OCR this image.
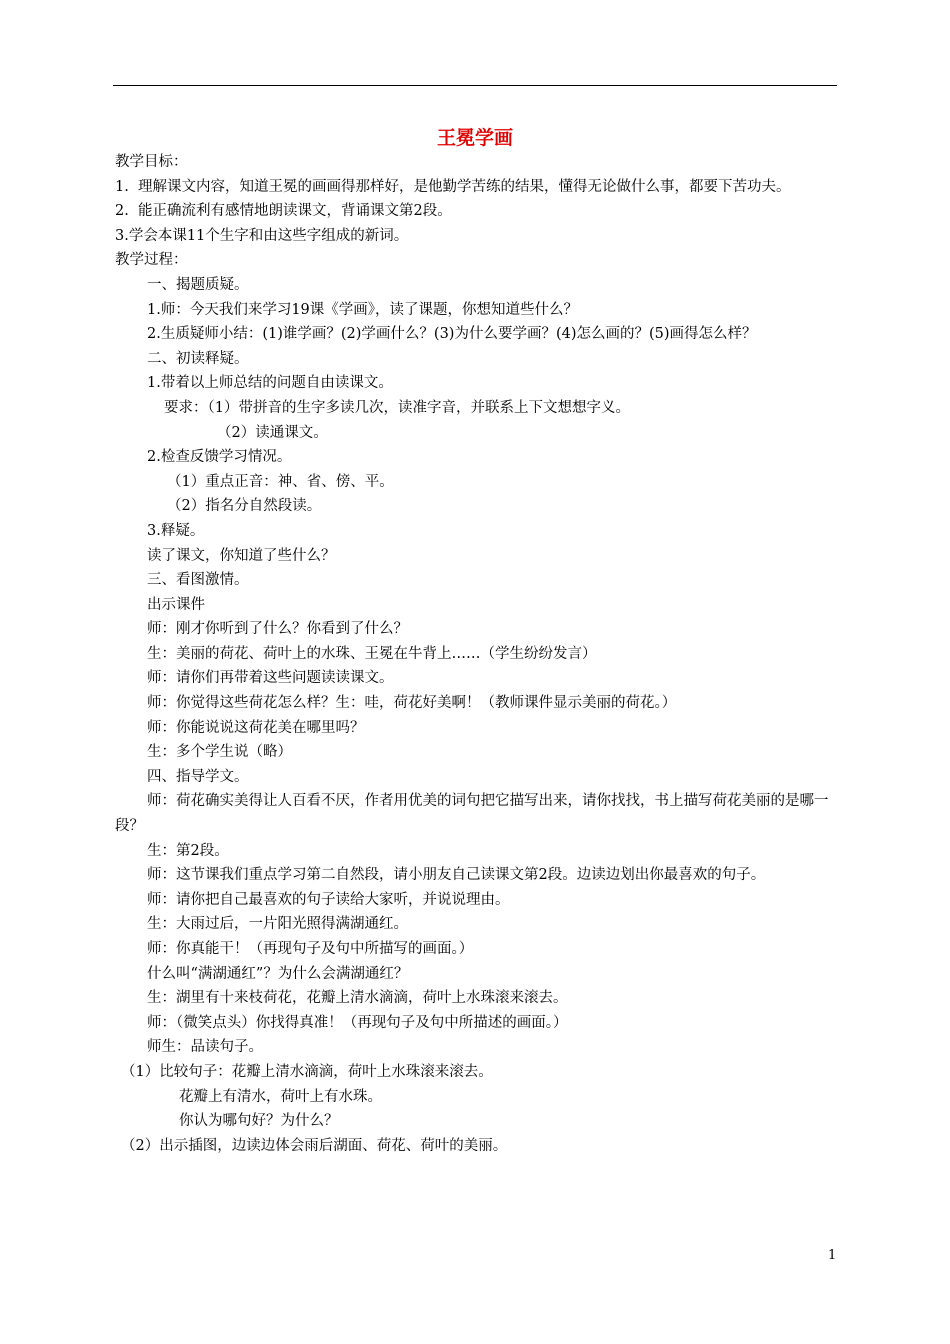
王冕学画

教学目标：

1.  理解课文内容，知道王冕的画画得那样好，是他勤学苦练的结果，懂得无论做什么事，都要下苦功夫。

2.  能正确流利有感情地朗读课文，背诵课文第2段。

3.学会本课11个生字和由这些字组成的新词。

教学过程：

一、揭题质疑。

1.师：今天我们来学习19课《学画》，读了课题，你想知道些什么？

2.生质疑师小结：(1)谁学画？(2)学画什么？(3)为什么要学画？(4)怎么画的？(5)画得怎么样？

二、初读释疑。

1.带着以上师总结的问题自由读课文。

要求：（1）带拼音的生字多读几次，读准字音，并联系上下文想想字义。

（2）读通课文。

2.检查反馈学习情况。

（1）重点正音：神、省、傍、平。

（2）指名分自然段读。

3.释疑。

读了课文，你知道了些什么？

三、看图激情。

出示课件

师：刚才你听到了什么？你看到了什么？

生：美丽的荷花、荷叶上的水珠、王冕在牛背上……（学生纷纷发言）

师：请你们再带着这些问题读读课文。

师：你觉得这些荷花怎么样？生：哇，荷花好美啊！（教师课件显示美丽的荷花。）

师：你能说说这荷花美在哪里吗？

生：多个学生说（略）

四、指导学文。

师：荷花确实美得让人百看不厌，作者用优美的词句把它描写出来，请你找找，书上描写荷花美丽的是哪一段？

生：第2段。

师：这节课我们重点学习第二自然段，请小朋友自己读课文第2段。边读边划出你最喜欢的句子。

师：请你把自己最喜欢的句子读给大家听，并说说理由。

生：大雨过后，一片阳光照得满湖通红。

师：你真能干！（再现句子及句中所描写的画面。）

什么叫“满湖通红”？为什么会满湖通红？

生：湖里有十来枝荷花，花瓣上清水滴滴，荷叶上水珠滚来滚去。

师：（微笑点头）你找得真准！（再现句子及句中所描述的画面。）

师生：品读句子。

（1）比较句子：花瓣上清水滴滴，荷叶上水珠滚来滚去。

花瓣上有清水，荷叶上有水珠。

你认为哪句好？为什么？

（2）出示插图，边读边体会雨后湖面、荷花、荷叶的美丽。

1
